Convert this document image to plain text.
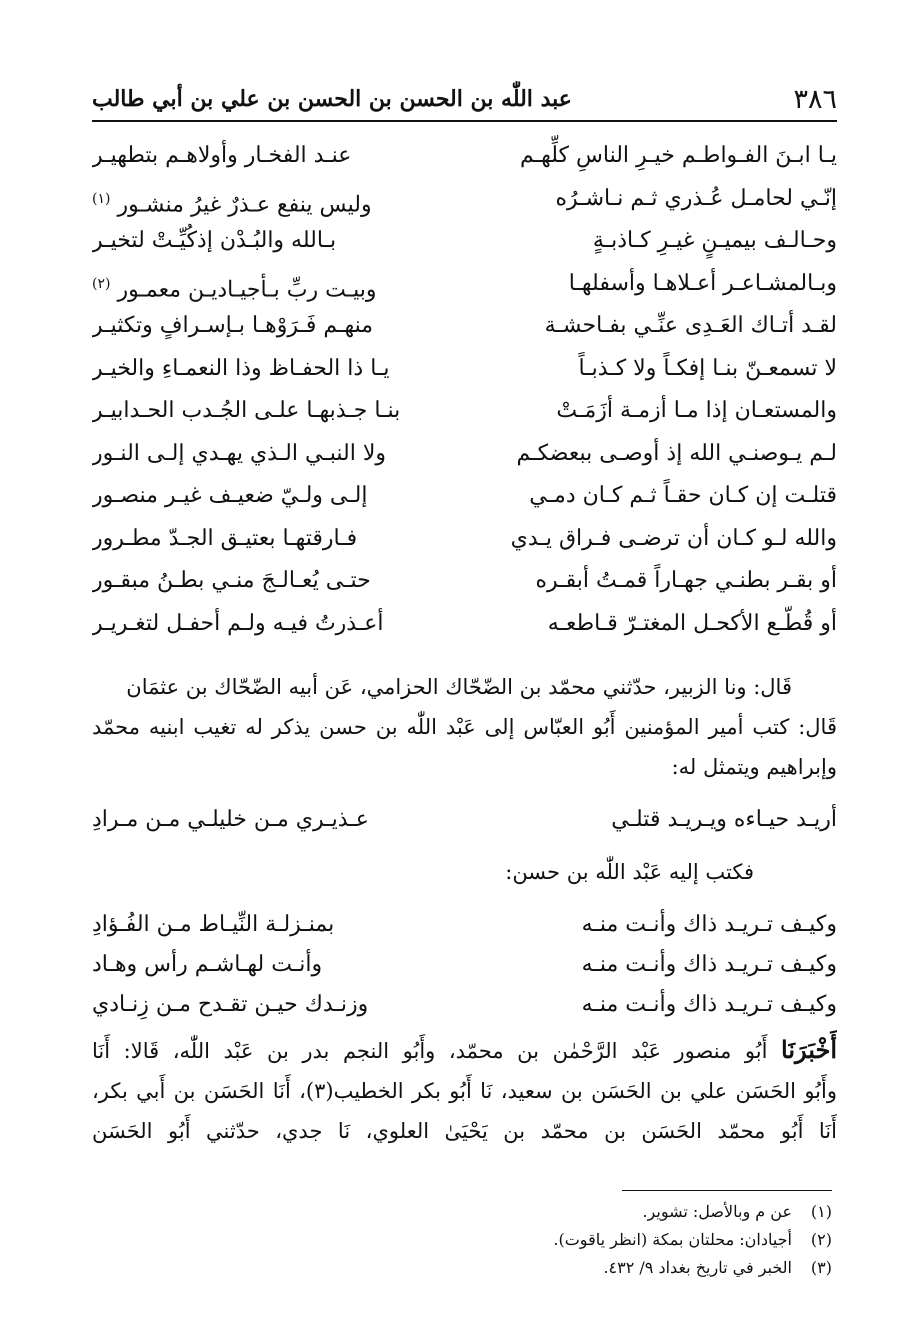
٣٨٦
عبد اللّٰه بن الحسن بن الحسن بن علي بن أبي طالب
يـا ابـنَ الفـواطـم خيـرِ الناسِ كلِّهـم
عنـد الفخـار وأولاهـم بتطهيـر
إنّـي لحامـل عُـذري ثـم نـاشـرُه
وليس ينفع عـذرٌ غيرُ منشـور $^{(١)}$
وحـالـف بيميـنٍ غيـرِ كـاذبـةٍ
بـالله والبُـدْن إذكُيِّـتْ لتخيـر
وبـالمشـاعـر أعـلاهـا وأسفلهـا
وبيـت ربِّ بـأجيـاديـن معمـور $^{(٢)}$
لقـد أتـاك العَـدِى عنِّـي بفـاحشـة
منهـم فَـرَوْهـا بـإسـرافٍ وتكثيـر
لا تسمعـنّ بنـا إفكـاً ولا كـذبـاً
يـا ذا الحفـاظ وذا النعمـاءِ والخيـر
والمستعـان إذا مـا أزمـة أزَمَـتْ
بنـا جـذبهـا علـى الجُـدب الحـدابيـر
لـم يـوصنـي الله إذ أوصـى ببعضكـم
ولا النبـي الـذي يهـدي إلـى النـور
قتلـت إن كـان حقـاً ثـم كـان دمـي
إلـى ولـيّ ضعيـف غيـر منصـور
والله لـو كـان أن ترضـى فـراق يـدي
فـارقتهـا بعتيـق الجـدّ مطـرور
أو بقـر بطنـي جهـاراً قمـتُ أبقـره
حتـى يُعـالـجَ منـي بطـنُ مبقـور
أو قُطّـع الأكحـل المغتـرّ قـاطعـه
أعـذرتُ فيـه ولـم أحفـل لتغـريـر

قَال: ونا الزبير، حدّثني محمّد بن الضّحّاك الحزامي، عَن أبيه الضّحّاك بن عثمَان

قَال: كتب أمير المؤمنين أَبُو العبّاس إلى عَبْد اللّٰه بن حسن يذكر له تغيب ابنيه محمّد

وإبراهيم ويتمثل له:

أريـد حيـاءه ويـريـد قتلـي
عـذيـري مـن خليلـي مـن مـرادِ

فكتب إليه عَبْد اللّٰه بن حسن:

وكيـف تـريـد ذاك وأنـت منـه
بمنـزلـة النِّيـاط مـن الفُـؤادِ
وكيـف تـريـد ذاك وأنـت منـه
وأنـت لهـاشـم رأس وهـاد
وكيـف تـريـد ذاك وأنـت منـه
وزنـدك حيـن تقـدح مـن زِنـادي

أَخْبَرَنَا أَبُو منصور عَبْد الرَّحْمٰن بن محمّد، وأَبُو النجم بدر بن عَبْد اللّٰه، قَالا: أَنَا

وأَبُو الحَسَن علي بن الحَسَن بن سعيد، نَا أَبُو بكر الخطيب(٣)، أَنَا الحَسَن بن أَبي بكر،

أَنَا أَبُو محمّد الحَسَن بن محمّد بن يَحْيَىٰ العلوي، نَا جدي، حدّثني أَبُو الحَسَن

(١)عن م وبالأصل: تشوير.
(٢)أجيادان: محلتان بمكة (انظر ياقوت).
(٣)الخبر في تاريخ بغداد ٩/ ٤٣٢.
